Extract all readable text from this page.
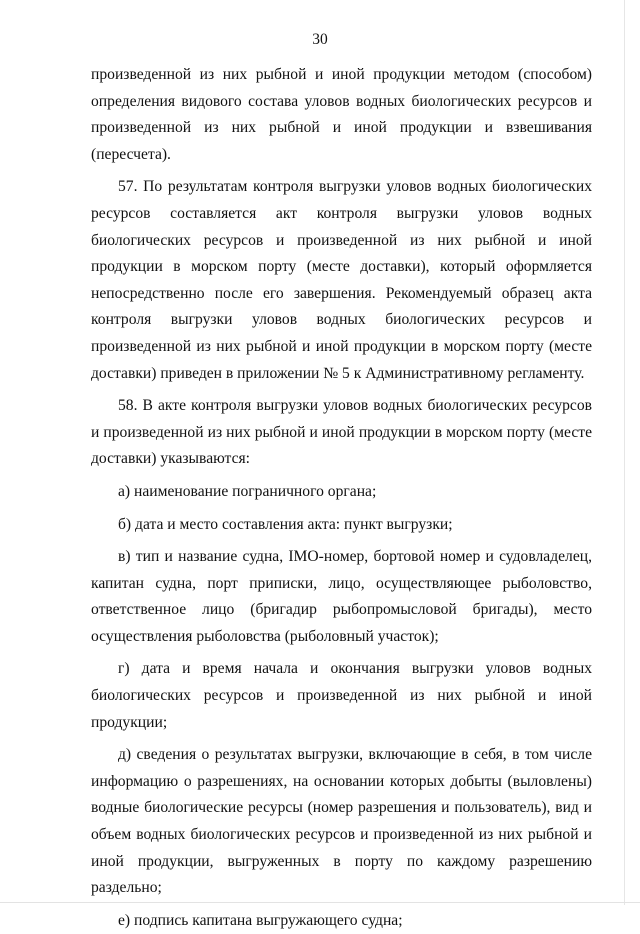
30

произведенной из них рыбной и иной продукции методом (способом) определения видового состава уловов водных биологических ресурсов и произведенной из них рыбной и иной продукции и взвешивания (пересчета).

57. По результатам контроля выгрузки уловов водных биологических ресурсов составляется акт контроля выгрузки уловов водных биологических ресурсов и произведенной из них рыбной и иной продукции в морском порту (месте доставки), который оформляется непосредственно после его завершения. Рекомендуемый образец акта контроля выгрузки уловов водных биологических ресурсов и произведенной из них рыбной и иной продукции в морском порту (месте доставки) приведен в приложении № 5 к Административному регламенту.

58. В акте контроля выгрузки уловов водных биологических ресурсов и произведенной из них рыбной и иной продукции в морском порту (месте доставки) указываются:

а) наименование пограничного органа;

б) дата и место составления акта: пункт выгрузки;

в) тип и название судна, IMO-номер, бортовой номер и судовладелец, капитан судна, порт приписки, лицо, осуществляющее рыболовство, ответственное лицо (бригадир рыбопромысловой бригады), место осуществления рыболовства (рыболовный участок);

г) дата и время начала и окончания выгрузки уловов водных биологических ресурсов и произведенной из них рыбной и иной продукции;

д) сведения о результатах выгрузки, включающие в себя, в том числе информацию о разрешениях, на основании которых добыты (выловлены) водные биологические ресурсы (номер разрешения и пользователь), вид и объем водных биологических ресурсов и произведенной из них рыбной и иной продукции, выгруженных в порту по каждому разрешению раздельно;

е) подпись капитана выгружающего судна;
